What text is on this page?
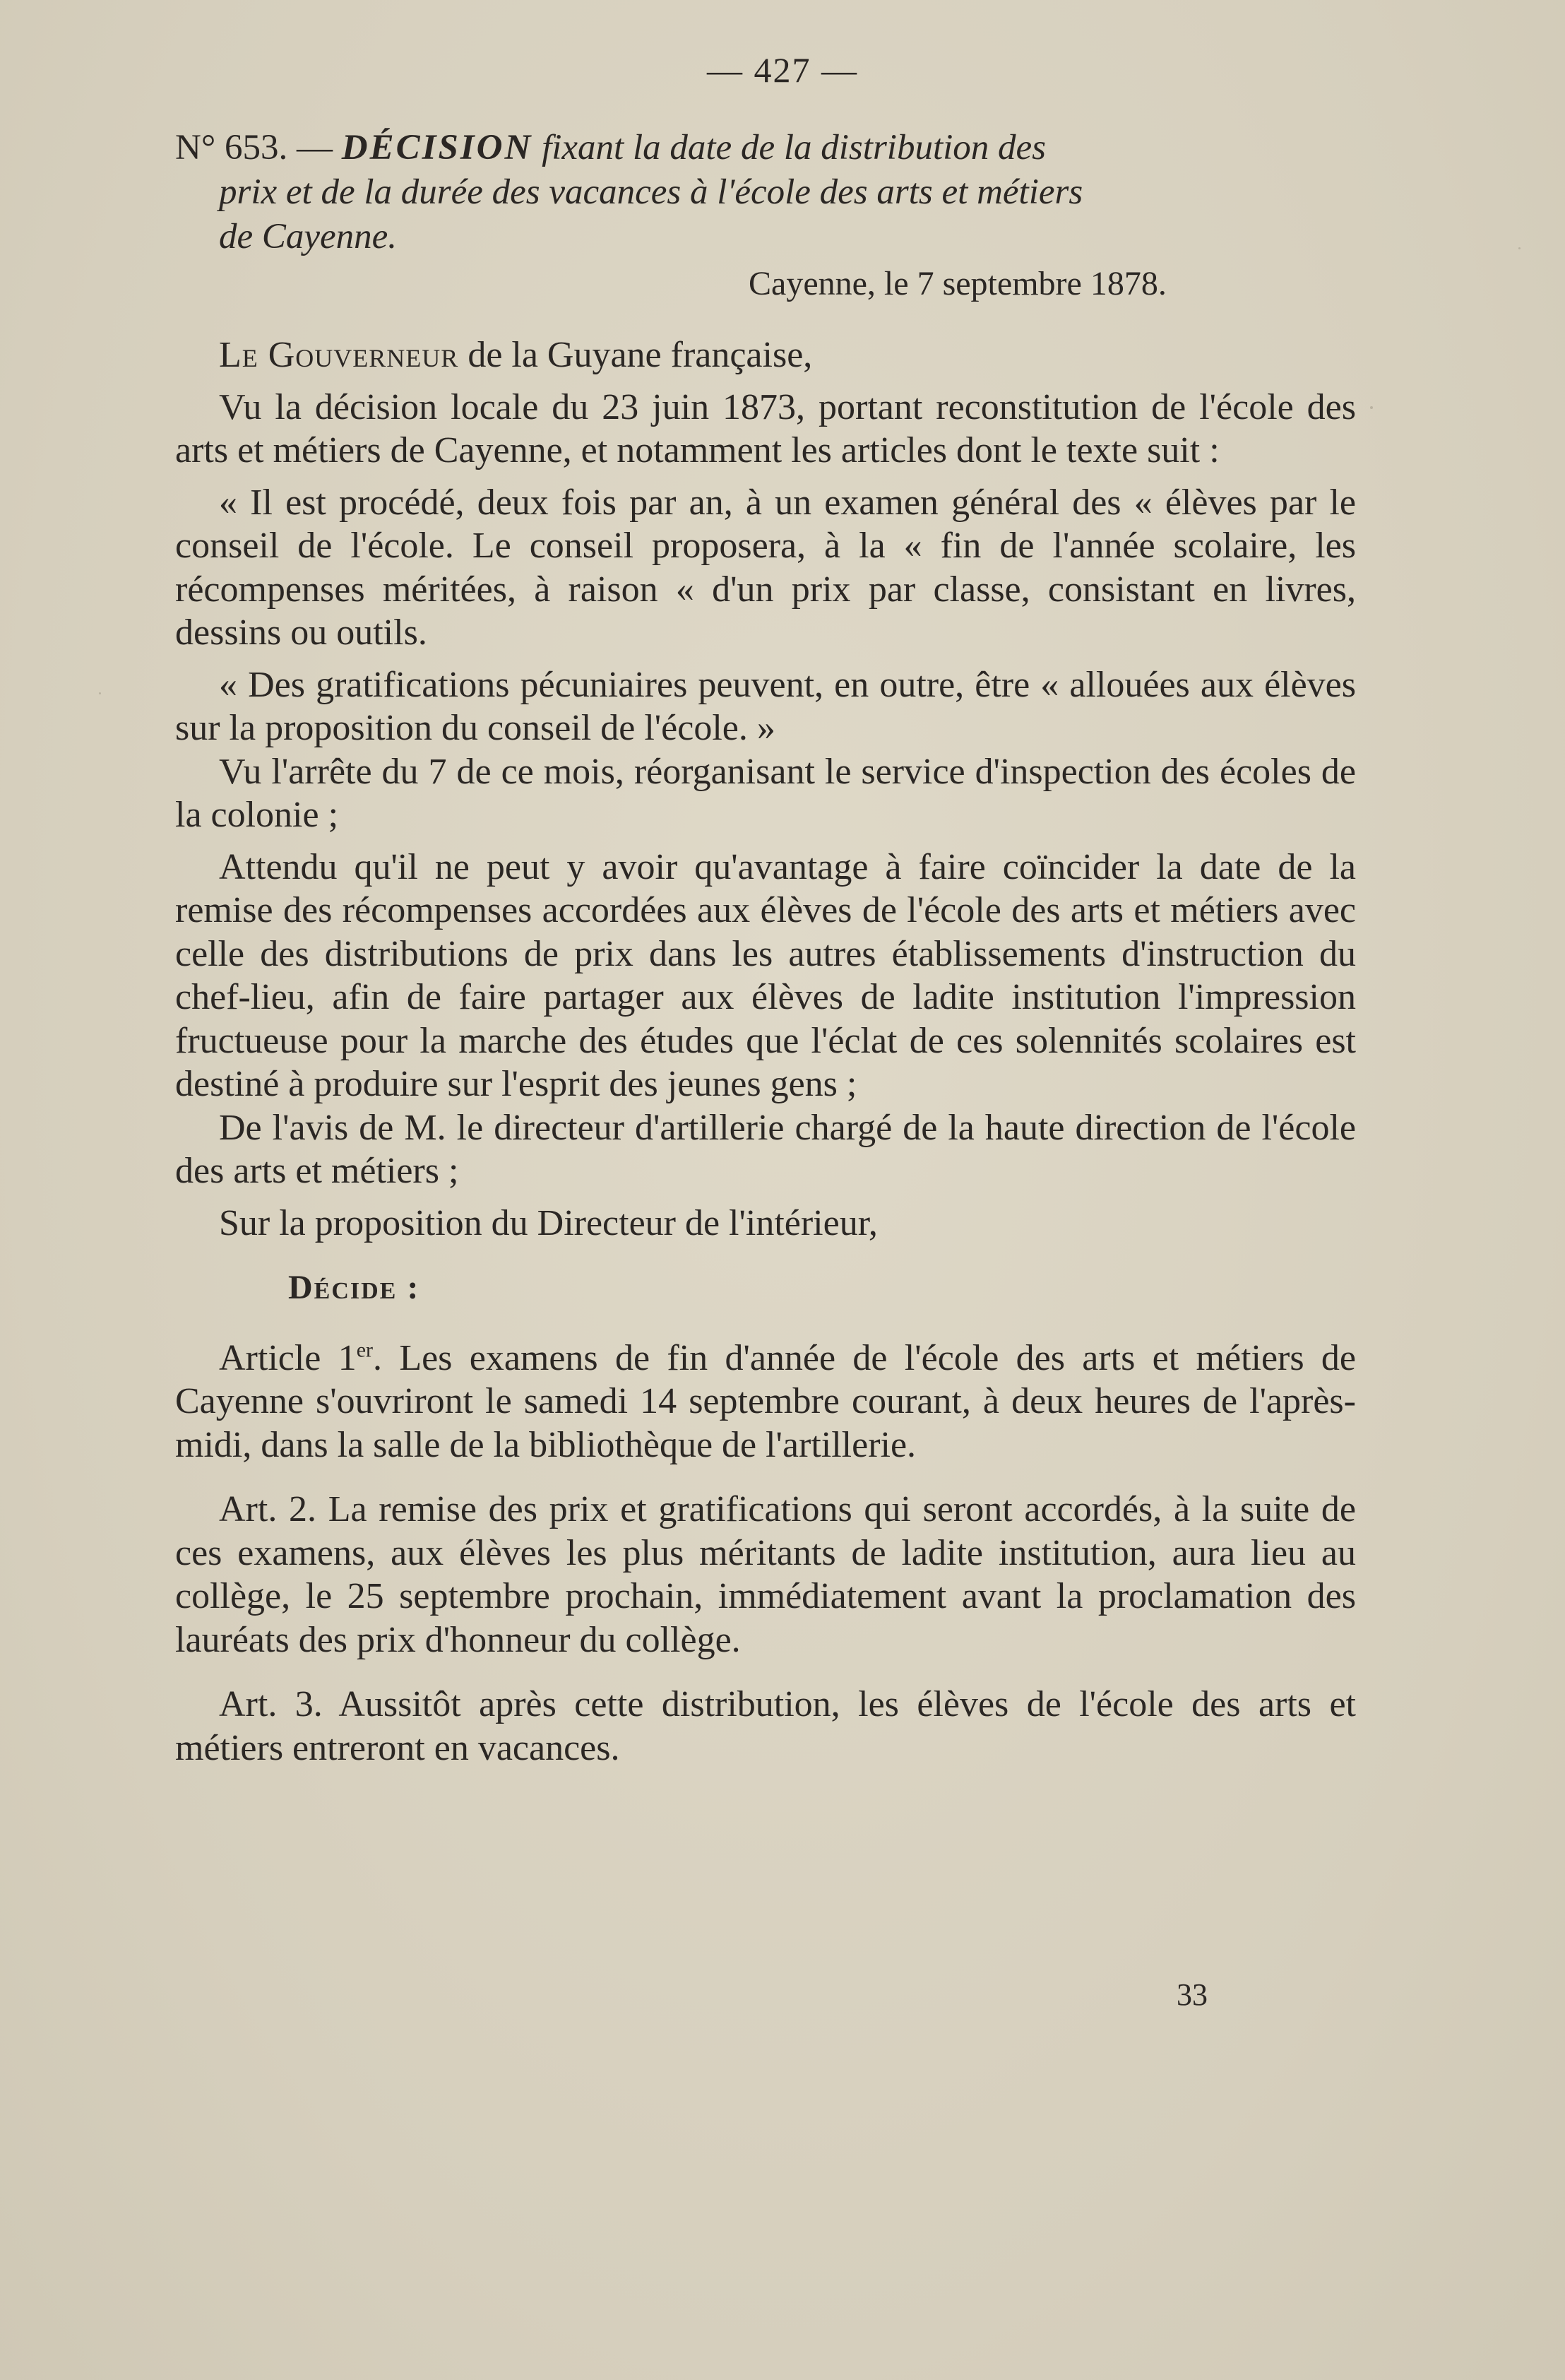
— 427 —
N° 653. — DÉCISION fixant la date de la distribution des
prix et de la durée des vacances à l'école des arts et métiers
de Cayenne.
Cayenne, le 7 septembre 1878.

Le Gouverneur de la Guyane française,

Vu la décision locale du 23 juin 1873, portant reconstitution de l'école des arts et métiers de Cayenne, et notamment les articles dont le texte suit :

« Il est procédé, deux fois par an, à un examen général des « élèves par le conseil de l'école. Le conseil proposera, à la « fin de l'année scolaire, les récompenses méritées, à raison « d'un prix par classe, consistant en livres, dessins ou outils.

« Des gratifications pécuniaires peuvent, en outre, être « allouées aux élèves sur la proposition du conseil de l'école. »

Vu l'arrête du 7 de ce mois, réorganisant le service d'inspection des écoles de la colonie ;

Attendu qu'il ne peut y avoir qu'avantage à faire coïncider la date de la remise des récompenses accordées aux élèves de l'école des arts et métiers avec celle des distributions de prix dans les autres établissements d'instruction du chef-lieu, afin de faire partager aux élèves de ladite institution l'impression fructueuse pour la marche des études que l'éclat de ces solennités scolaires est destiné à produire sur l'esprit des jeunes gens ;

De l'avis de M. le directeur d'artillerie chargé de la haute direction de l'école des arts et métiers ;

Sur la proposition du Directeur de l'intérieur,

Décide :

Article 1er. Les examens de fin d'année de l'école des arts et métiers de Cayenne s'ouvriront le samedi 14 septembre courant, à deux heures de l'après-midi, dans la salle de la bibliothèque de l'artillerie.

Art. 2. La remise des prix et gratifications qui seront accordés, à la suite de ces examens, aux élèves les plus méritants de ladite institution, aura lieu au collège, le 25 septembre prochain, immédiatement avant la proclamation des lauréats des prix d'honneur du collège.

Art. 3. Aussitôt après cette distribution, les élèves de l'école des arts et métiers entreront en vacances.

33
